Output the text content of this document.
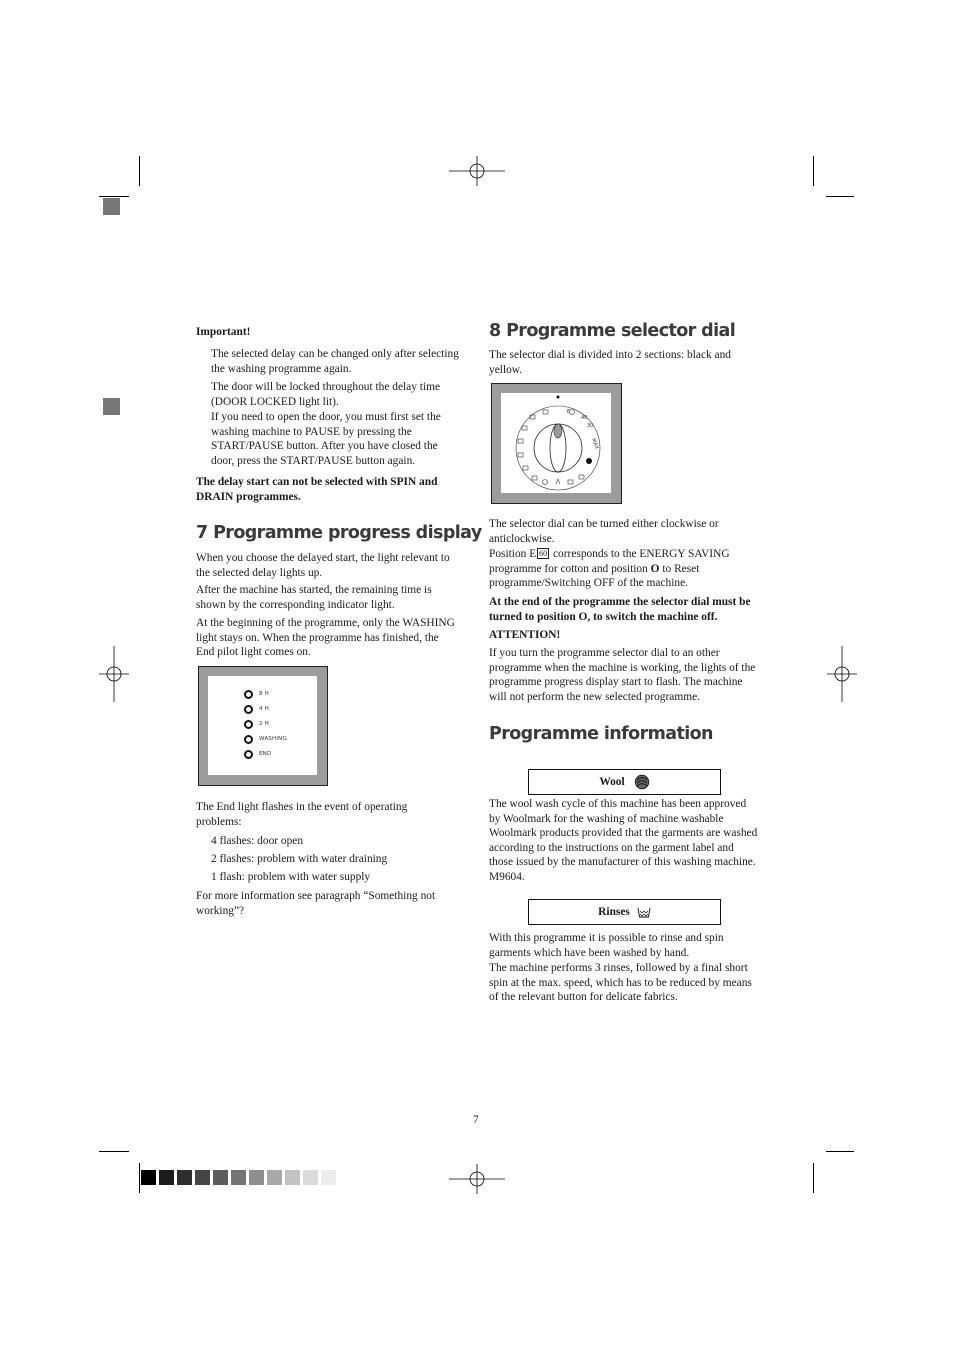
Important!
The selected delay can be changed only after selecting the washing programme again.
The door will be locked throughout the delay time (DOOR LOCKED light lit).
If you need to open the door, you must first set the washing machine to PAUSE by pressing the START/PAUSE button. After you have closed the door, press the START/PAUSE button again.
The delay start can not be selected with SPIN and DRAIN programmes.
7 Programme progress display
When you choose the delayed start, the light relevant to the selected delay lights up.
After the machine has started, the remaining time is shown by the corresponding indicator light.
At the beginning of the programme, only the WASHING light stays on. When the programme has finished, the End pilot light comes on.
8 H
4 H
2 H
WASHING
END
The End light flashes in the event of operating problems:
4 flashes: door open
2 flashes: problem with water draining
1 flash: problem with water supply
For more information see paragraph “Something not working”?
8 Programme selector dial
The selector dial is divided into 2 sections: black and yellow.
40
30
MAX
E
The selector dial can be turned either clockwise or anticlockwise.
Position E 60 corresponds to the ENERGY SAVING programme for cotton and position O to Reset programme/Switching OFF of the machine.
At the end of the programme the selector dial must be turned to position O, to switch the machine off.
ATTENTION!
If you turn the programme selector dial to an other programme when the machine is working, the lights of the programme progress display start to flash. The machine will not perform the new selected programme.
Programme information
Wool
The wool wash cycle of this machine has been approved by Woolmark for the washing of machine washable Woolmark products provided that the garments are washed according to the instructions on the garment label and those issued by the manufacturer of this washing machine. M9604.
Rinses
With this programme it is possible to rinse and spin garments which have been washed by hand.
The machine performs 3 rinses, followed by a final short spin at the max. speed, which has to be reduced by means of the relevant button for delicate fabrics.
7
